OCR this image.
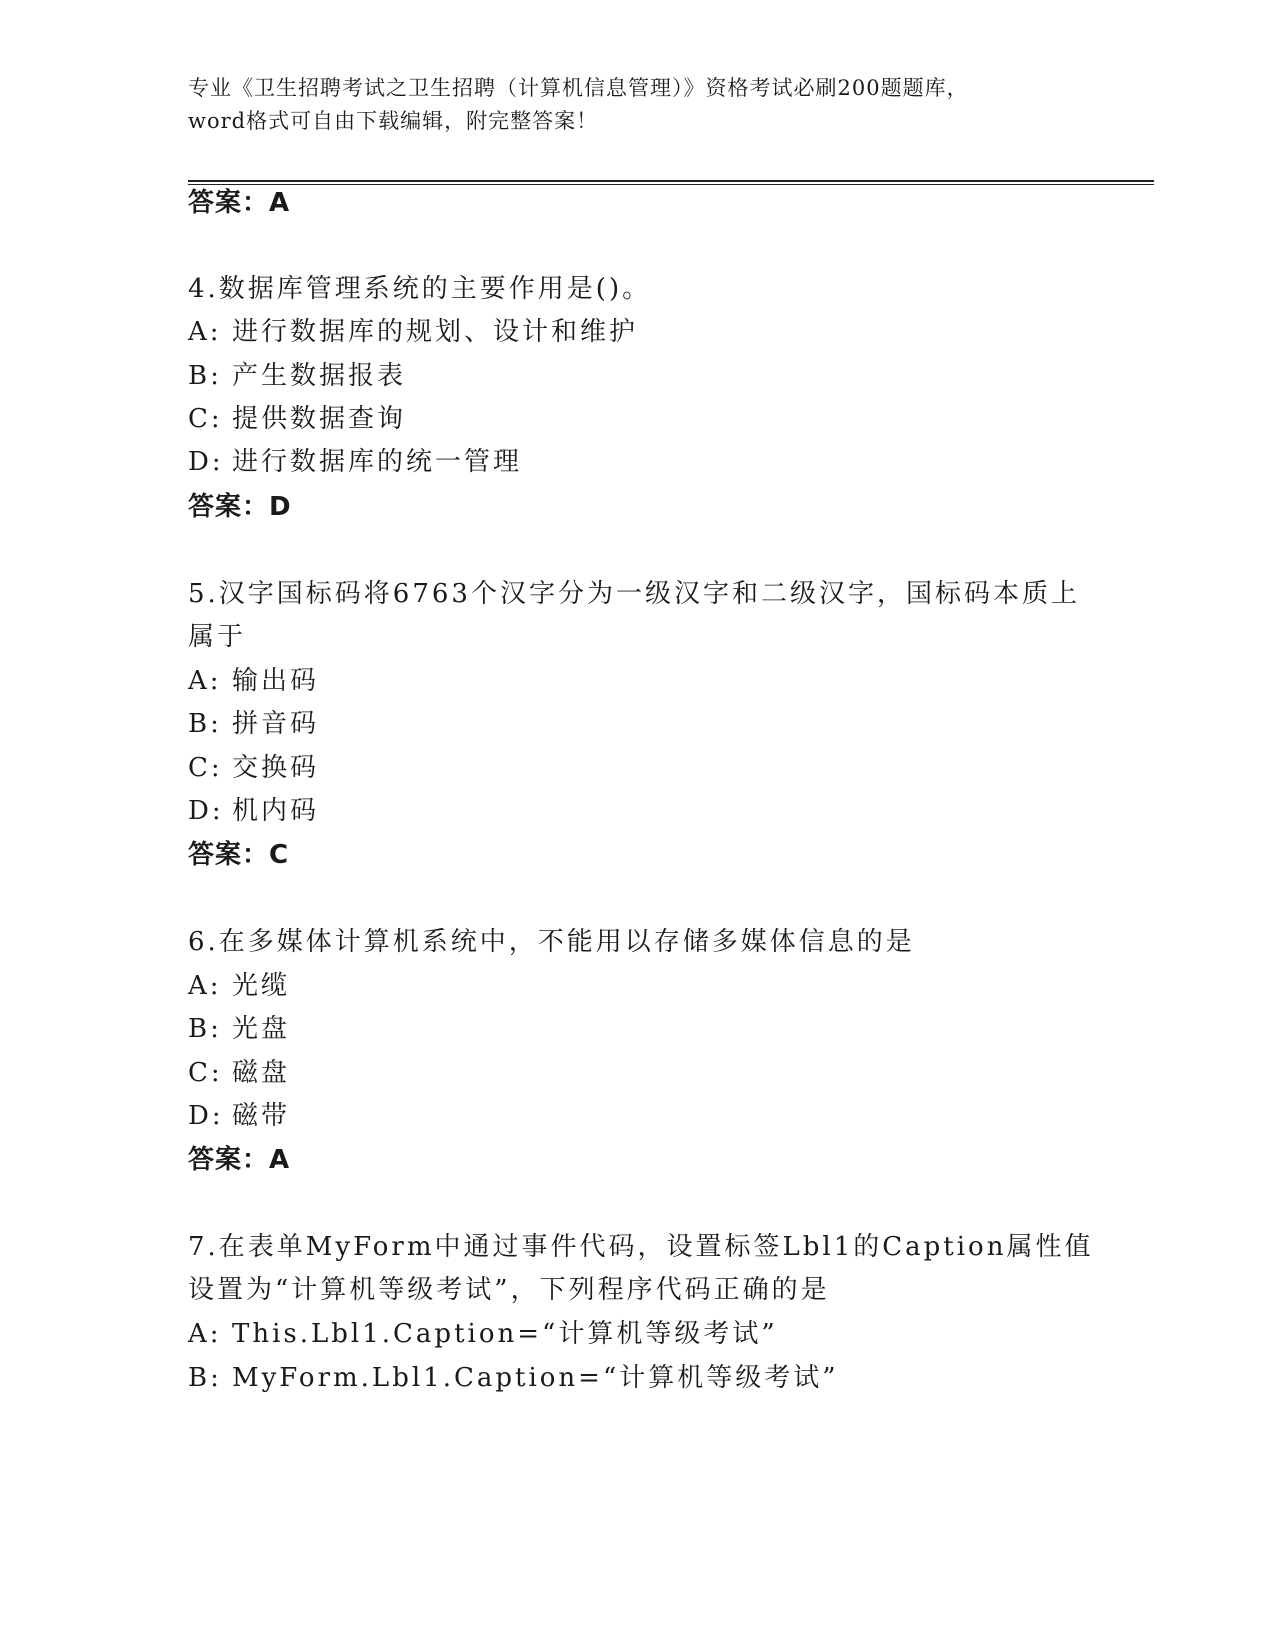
专业《卫生招聘考试之卫生招聘（计算机信息管理）》资格考试必刷200题题库，
word格式可自由下载编辑，附完整答案！
答案：A
4.数据库管理系统的主要作用是()。
A: 进行数据库的规划、设计和维护
B: 产生数据报表
C: 提供数据查询
D: 进行数据库的统一管理
答案：D
5.汉字国标码将6763个汉字分为一级汉字和二级汉字，国标码本质上
属于
A: 输出码
B: 拼音码
C: 交换码
D: 机内码
答案：C
6.在多媒体计算机系统中，不能用以存储多媒体信息的是
A: 光缆
B: 光盘
C: 磁盘
D: 磁带
答案：A
7.在表单MyForm中通过事件代码，设置标签Lbl1的Caption属性值
设置为“计算机等级考试”，下列程序代码正确的是
A: This.Lbl1.Caption=“计算机等级考试”
B: MyForm.Lbl1.Caption=“计算机等级考试”
